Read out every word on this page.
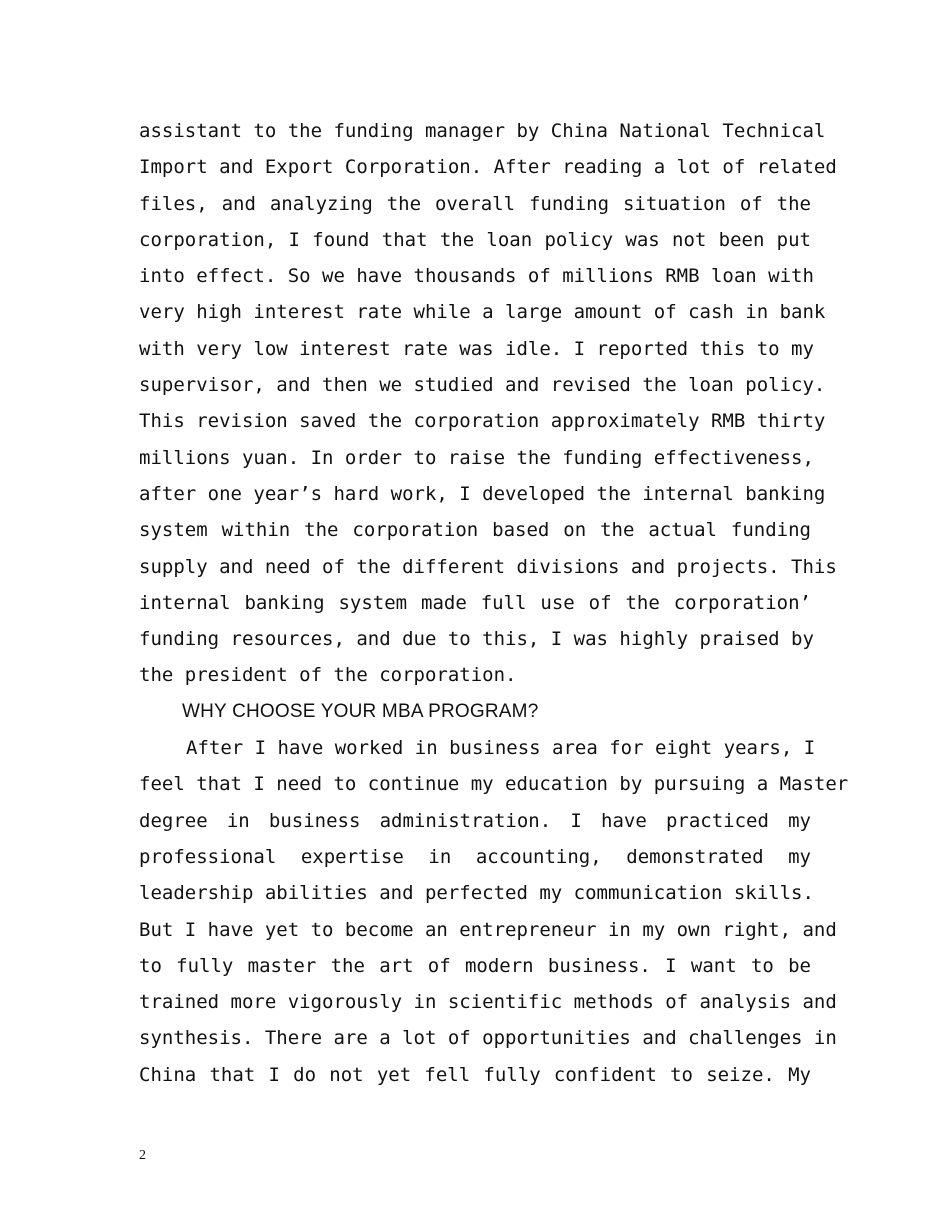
assistant to the funding manager by China National Technical
Import and Export Corporation. After reading a lot of related
files, and analyzing the overall funding situation of the
corporation, I found that the loan policy was not been put
into effect. So we have thousands of millions RMB loan with
very high interest rate while a large amount of cash in bank
with very low interest rate was idle. I reported this to my
supervisor, and then we studied and revised the loan policy.
This revision saved the corporation approximately RMB thirty
millions yuan. In order to raise the funding effectiveness,
after one year’s hard work, I developed the internal banking
system within the corporation based on the actual funding
supply and need of the different divisions and projects. This
internal banking system made full use of the corporation’
funding resources, and due to this, I was highly praised by
the president of the corporation.
WHY CHOOSE YOUR MBA PROGRAM?
After I have worked in business area for eight years, I
feel that I need to continue my education by pursuing a Master
degree in business administration. I have practiced my
professional expertise in accounting, demonstrated my
leadership abilities and perfected my communication skills.
But I have yet to become an entrepreneur in my own right, and
to fully master the art of modern business. I want to be
trained more vigorously in scientific methods of analysis and
synthesis. There are a lot of opportunities and challenges in
China that I do not yet fell fully confident to seize. My
2
